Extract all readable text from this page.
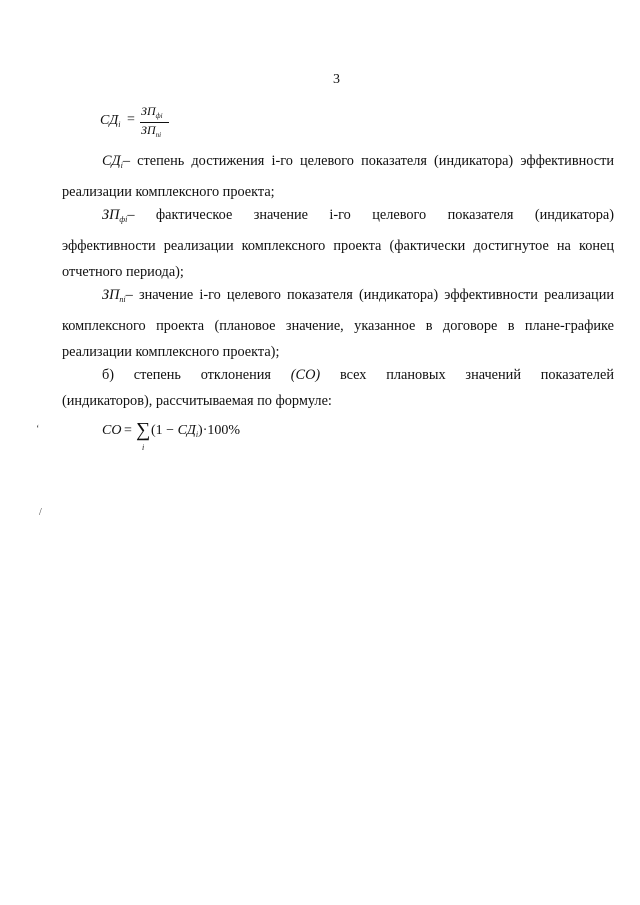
3
$СД_i$ =
$ЗП_{фi}$
$ЗП_{пi}$

$СД_i-$ степень достижения i-го целевого показателя (индикатора) эффективности
реализации комплексного проекта;

$ЗП_{фi}-$    фактическое    значение    i-го    целевого    показателя    (индикатора)
эффективности реализации комплексного проекта (фактически достигнутое на конец
отчетного периода);

$ЗП_{пi}-$ значение i-го целевого показателя (индикатора) эффективности реализации
комплексного проекта (плановое значение, указанное в договоре в плане-графике
реализации комплексного проекта);

б)    степень    отклонения    (СО)    всех    плановых    значений    показателей
(индикаторов), рассчитываемая по формуле:

СО = ∑
i
$(1 - СД_i)\cdot 100\%$
ʻ
/
